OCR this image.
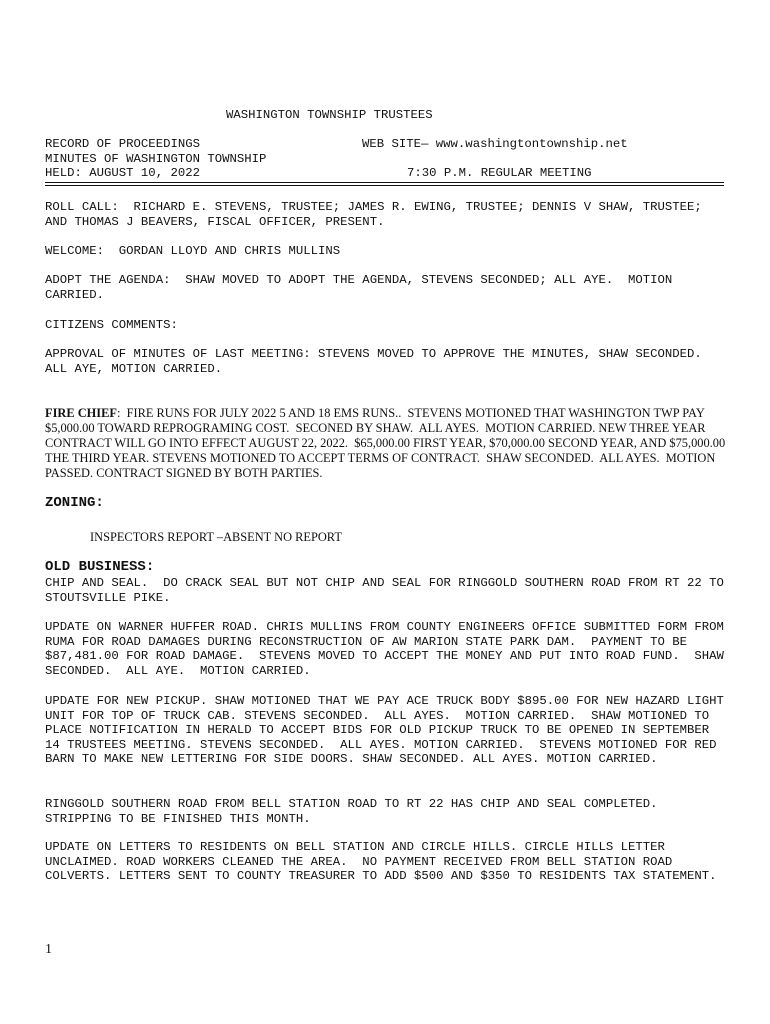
WASHINGTON TOWNSHIP TRUSTEES
RECORD OF PROCEEDINGS	WEB SITE— www.washingtontownship.net
MINUTES OF WASHINGTON TOWNSHIP
HELD: AUGUST 10, 2022	7:30 P.M. REGULAR MEETING

ROLL CALL:  RICHARD E. STEVENS, TRUSTEE; JAMES R. EWING, TRUSTEE; DENNIS V SHAW, TRUSTEE; AND THOMAS J BEAVERS, FISCAL OFFICER, PRESENT.

WELCOME:  GORDAN LLOYD AND CHRIS MULLINS

ADOPT THE AGENDA:  SHAW MOVED TO ADOPT THE AGENDA, STEVENS SECONDED; ALL AYE.  MOTION CARRIED.

CITIZENS COMMENTS:

APPROVAL OF MINUTES OF LAST MEETING: STEVENS MOVED TO APPROVE THE MINUTES, SHAW SECONDED. ALL AYE, MOTION CARRIED.

FIRE CHIEF:  FIRE RUNS FOR JULY 2022 5 AND 18 EMS RUNS..  STEVENS MOTIONED THAT WASHINGTON TWP PAY $5,000.00 TOWARD REPROGRAMING COST.  SECONED BY SHAW.  ALL AYES.  MOTION CARRIED. NEW THREE YEAR CONTRACT WILL GO INTO EFFECT AUGUST 22, 2022.  $65,000.00 FIRST YEAR, $70,000.00 SECOND YEAR, AND $75,000.00 THE THIRD YEAR. STEVENS MOTIONED TO ACCEPT TERMS OF CONTRACT.  SHAW SECONDED.  ALL AYES.  MOTION PASSED. CONTRACT SIGNED BY BOTH PARTIES.

ZONING:
INSPECTORS REPORT –ABSENT NO REPORT
OLD BUSINESS:

CHIP AND SEAL.  DO CRACK SEAL BUT NOT CHIP AND SEAL FOR RINGGOLD SOUTHERN ROAD FROM RT 22 TO STOUTSVILLE PIKE.

UPDATE ON WARNER HUFFER ROAD. CHRIS MULLINS FROM COUNTY ENGINEERS OFFICE SUBMITTED FORM FROM RUMA FOR ROAD DAMAGES DURING RECONSTRUCTION OF AW MARION STATE PARK DAM.  PAYMENT TO BE $87,481.00 FOR ROAD DAMAGE.  STEVENS MOVED TO ACCEPT THE MONEY AND PUT INTO ROAD FUND.  SHAW SECONDED.  ALL AYE.  MOTION CARRIED.

UPDATE FOR NEW PICKUP. SHAW MOTIONED THAT WE PAY ACE TRUCK BODY $895.00 FOR NEW HAZARD LIGHT UNIT FOR TOP OF TRUCK CAB. STEVENS SECONDED.  ALL AYES.  MOTION CARRIED.  SHAW MOTIONED TO PLACE NOTIFICATION IN HERALD TO ACCEPT BIDS FOR OLD PICKUP TRUCK TO BE OPENED IN SEPTEMBER 14 TRUSTEES MEETING. STEVENS SECONDED.  ALL AYES. MOTION CARRIED.  STEVENS MOTIONED FOR RED BARN TO MAKE NEW LETTERING FOR SIDE DOORS. SHAW SECONDED. ALL AYES. MOTION CARRIED.

RINGGOLD SOUTHERN ROAD FROM BELL STATION ROAD TO RT 22 HAS CHIP AND SEAL COMPLETED. STRIPPING TO BE FINISHED THIS MONTH.

UPDATE ON LETTERS TO RESIDENTS ON BELL STATION AND CIRCLE HILLS. CIRCLE HILLS LETTER UNCLAIMED. ROAD WORKERS CLEANED THE AREA.  NO PAYMENT RECEIVED FROM BELL STATION ROAD COLVERTS. LETTERS SENT TO COUNTY TREASURER TO ADD $500 AND $350 TO RESIDENTS TAX STATEMENT.

1
